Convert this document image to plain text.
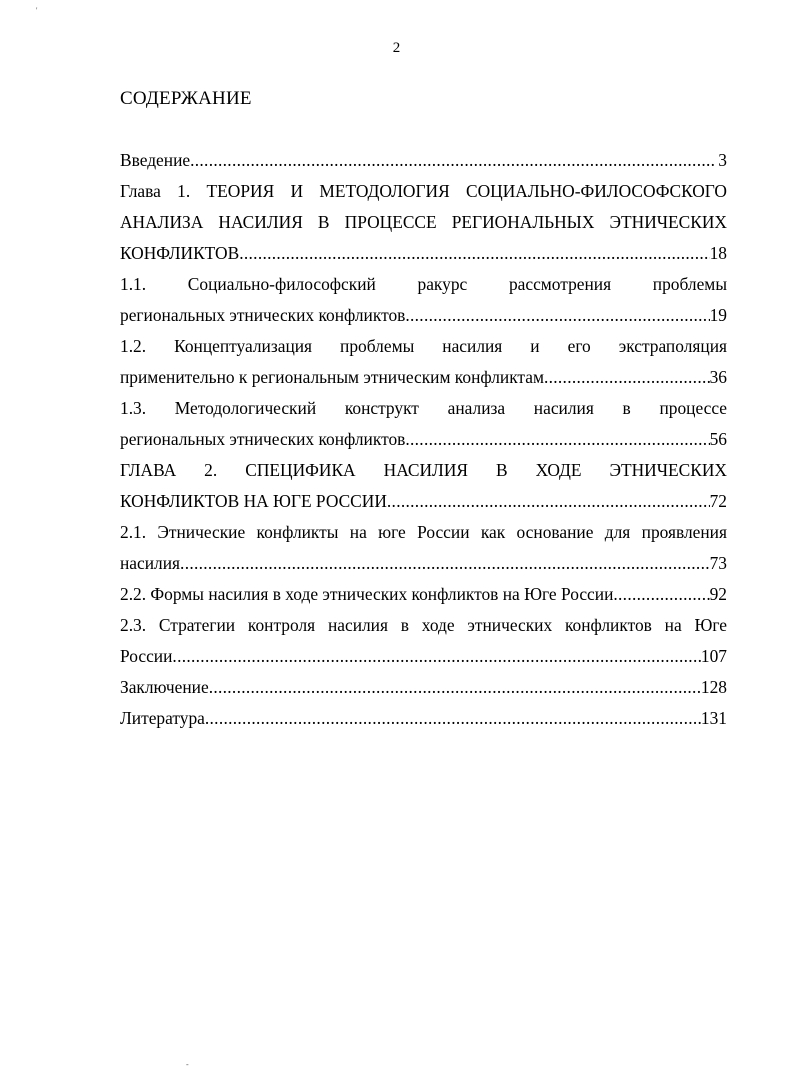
2
СОДЕРЖАНИЕ
Введение .....	3
Глава 1. ТЕОРИЯ И МЕТОДОЛОГИЯ СОЦИАЛЬНО-ФИЛОСОФСКОГО
АНАЛИЗА НАСИЛИЯ В ПРОЦЕССЕ РЕГИОНАЛЬНЫХ ЭТНИЧЕСКИХ
КОНФЛИКТОВ .....	18
1.1. Социально-философский ракурс рассмотрения проблемы
региональных этнических конфликтов .....	19
1.2. Концептуализация проблемы насилия и его экстраполяция
применительно к региональным этническим конфликтам .....	36
1.3. Методологический конструкт анализа насилия в процессе
региональных этнических конфликтов .....	56
ГЛАВА 2. СПЕЦИФИКА НАСИЛИЯ В ХОДЕ ЭТНИЧЕСКИХ
КОНФЛИКТОВ НА ЮГЕ РОССИИ .....	72
2.1. Этнические конфликты на юге России как основание для проявления
насилия .....	73
2.2. Формы насилия в ходе этнических конфликтов на Юге России .....	92
2.3. Стратегии контроля насилия в ходе этнических конфликтов на Юге
России .....	107
Заключение .....	128
Литература .....	131
'
-
